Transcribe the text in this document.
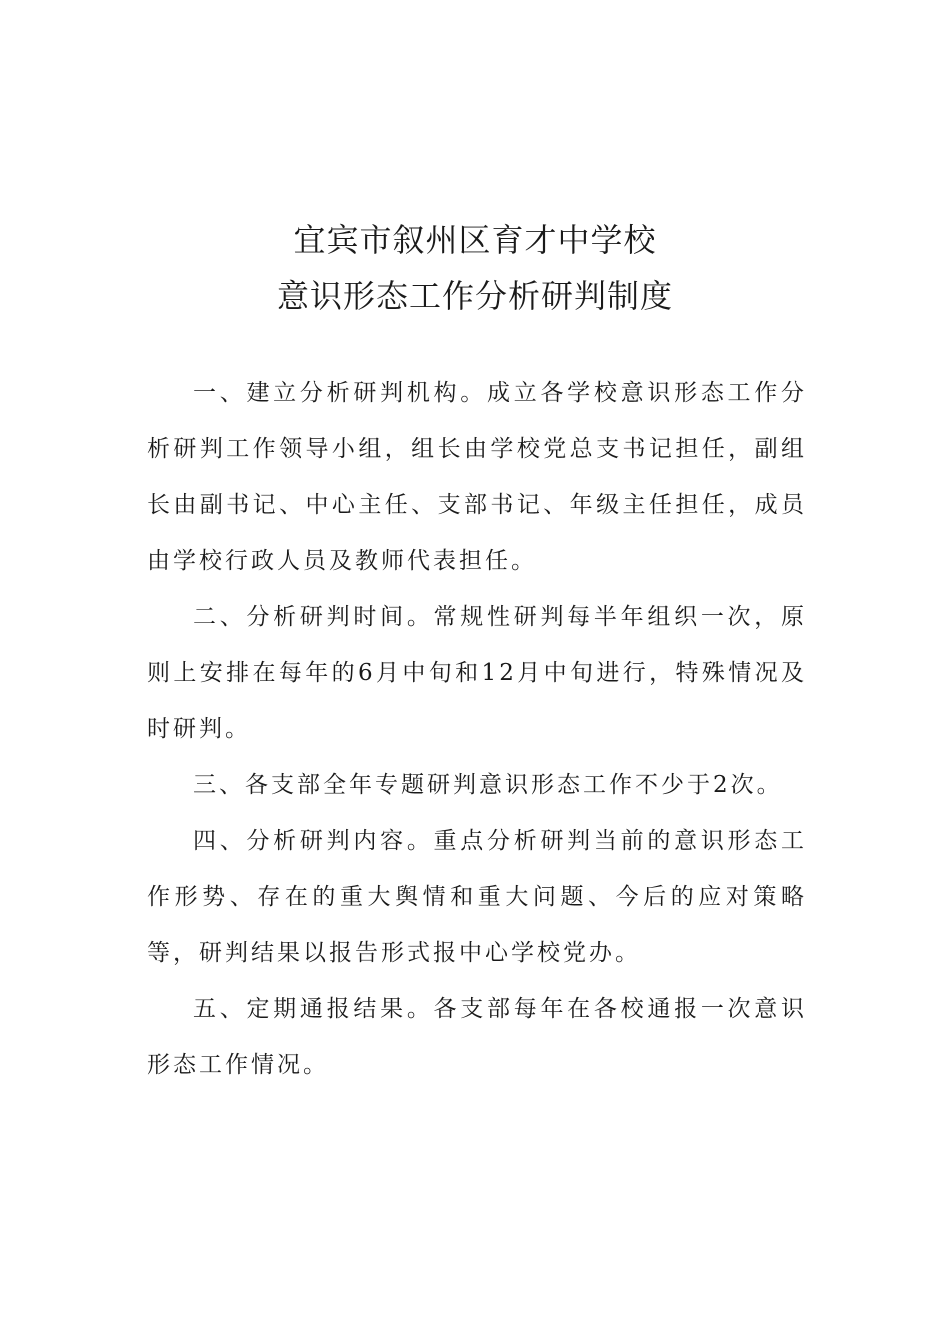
宜宾市叙州区育才中学校
意识形态工作分析研判制度

一、建立分析研判机构。成立各学校意识形态工作分析研判工作领导小组，组长由学校党总支书记担任，副组长由副书记、中心主任、支部书记、年级主任担任，成员由学校行政人员及教师代表担任。

二、分析研判时间。常规性研判每半年组织一次，原则上安排在每年的6月中旬和12月中旬进行，特殊情况及时研判。

三、各支部全年专题研判意识形态工作不少于2次。

四、分析研判内容。重点分析研判当前的意识形态工作形势、存在的重大舆情和重大问题、今后的应对策略等，研判结果以报告形式报中心学校党办。

五、定期通报结果。各支部每年在各校通报一次意识形态工作情况。
